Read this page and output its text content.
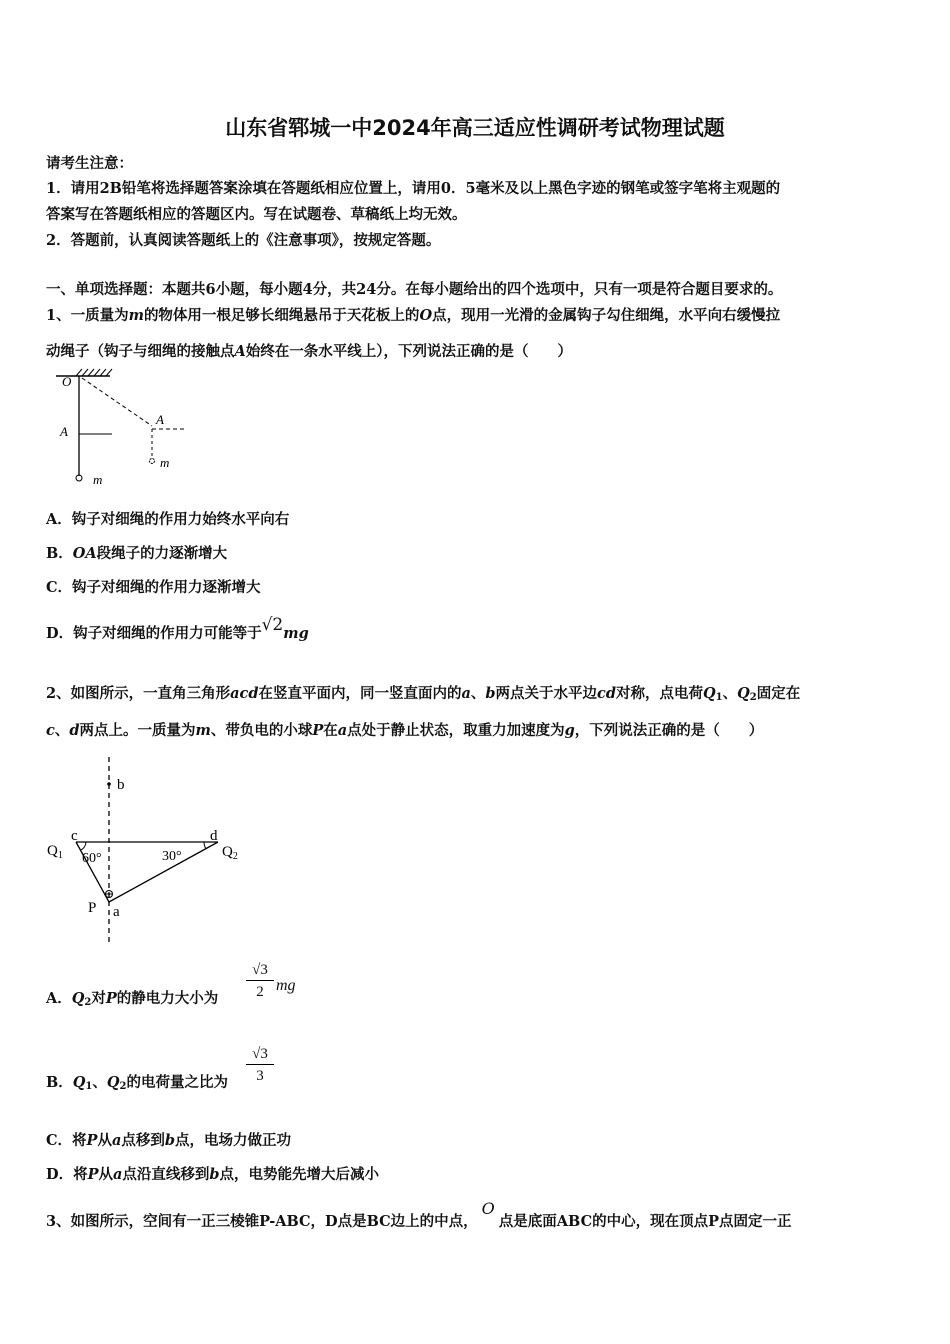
山东省郓城一中2024年高三适应性调研考试物理试题
请考生注意：
1．请用2B铅笔将选择题答案涂填在答题纸相应位置上，请用0．5毫米及以上黑色字迹的钢笔或签字笔将主观题的
答案写在答题纸相应的答题区内。写在试题卷、草稿纸上均无效。
2．答题前，认真阅读答题纸上的《注意事项》，按规定答题。
一、单项选择题：本题共6小题，每小题4分，共24分。在每小题给出的四个选项中，只有一项是符合题目要求的。
1、一质量为m的物体用一根足够长细绳悬吊于天花板上的O点，现用一光滑的金属钩子勾住细绳，水平向右缓慢拉
动绳子（钩子与细绳的接触点A始终在一条水平线上），下列说法正确的是（　　）
O
A
m
A
m
A．钩子对细绳的作用力始终水平向右
B．OA段绳子的力逐渐增大
C．钩子对细绳的作用力逐渐增大
D．钩子对细绳的作用力可能等于√2mg
2、如图所示，一直角三角形acd在竖直平面内，同一竖直面内的a、b两点关于水平边cd对称，点电荷$Q_1$、$Q_2$固定在
c、d两点上。一质量为m、带负电的小球P在a点处于静止状态，取重力加速度为g，下列说法正确的是（　　）
b
c	d
$Q_1$	$Q_2$
60°	30°
P a
A．$Q_2$对P的静电力大小为 $\frac{√3}{2}$ mg
B．$Q_1$、$Q_2$的电荷量之比为 $\frac{√3}{3}$
C．将P从a点移到b点，电场力做正功
D．将P从a点沿直线移到b点，电势能先增大后减小
3、如图所示，空间有一正三棱锥P-ABC，D点是BC边上的中点，O点是底面ABC的中心，现在顶点P点固定一正
